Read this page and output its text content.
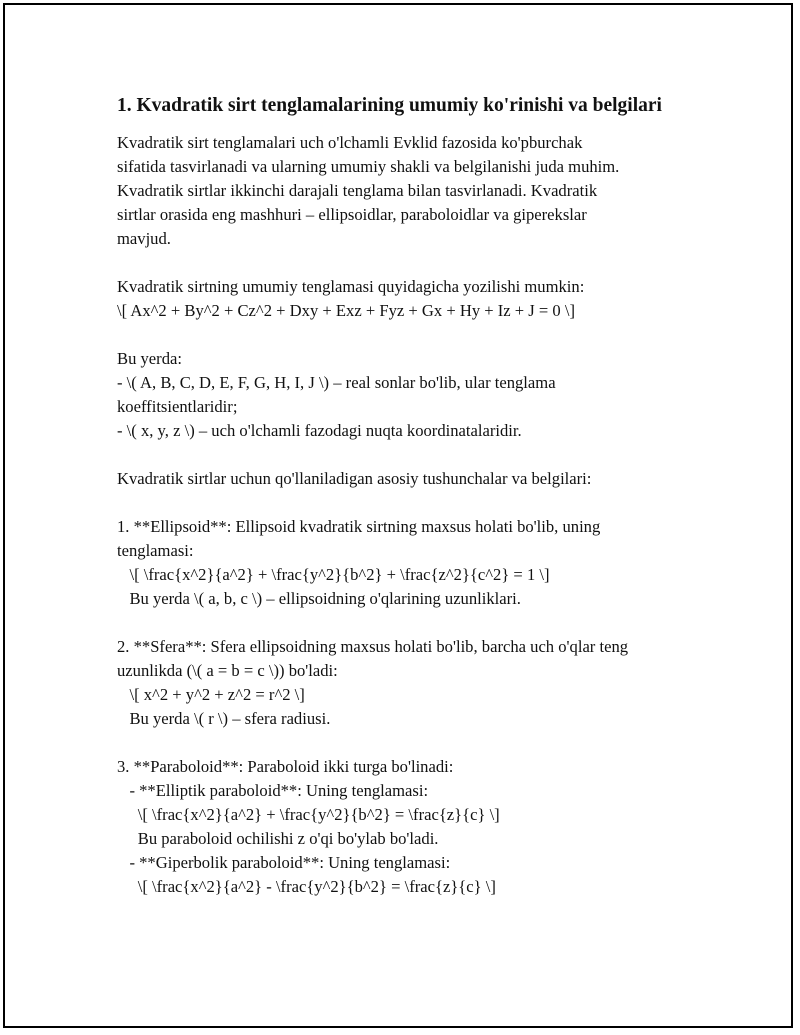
1. Kvadratik sirt tenglamalarining umumiy ko'rinishi va belgilari
Kvadratik sirt tenglamalari uch o'lchamli Evklid fazosida ko'pburchak
sifatida tasvirlanadi va ularning umumiy shakli va belgilanishi juda muhim.
Kvadratik sirtlar ikkinchi darajali tenglama bilan tasvirlanadi. Kvadratik
sirtlar orasida eng mashhuri – ellipsoidlar, paraboloidlar va giperekslar
mavjud.

Kvadratik sirtning umumiy tenglamasi quyidagicha yozilishi mumkin:
\[ Ax^2 + By^2 + Cz^2 + Dxy + Exz + Fyz + Gx + Hy + Iz + J = 0 \]

Bu yerda:
- \( A, B, C, D, E, F, G, H, I, J \) – real sonlar bo'lib, ular tenglama
koeffitsientlaridir;
- \( x, y, z \) – uch o'lchamli fazodagi nuqta koordinatalaridir.

Kvadratik sirtlar uchun qo'llaniladigan asosiy tushunchalar va belgilari:

1. **Ellipsoid**: Ellipsoid kvadratik sirtning maxsus holati bo'lib, uning
tenglamasi:
\[ \frac{x^2}{a^2} + \frac{y^2}{b^2} + \frac{z^2}{c^2} = 1 \]
Bu yerda \( a, b, c \) – ellipsoidning o'qlarining uzunliklari.

2. **Sfera**: Sfera ellipsoidning maxsus holati bo'lib, barcha uch o'qlar teng
uzunlikda (\( a = b = c \)) bo'ladi:
\[ x^2 + y^2 + z^2 = r^2 \]
Bu yerda \( r \) – sfera radiusi.

3. **Paraboloid**: Paraboloid ikki turga bo'linadi:
- **Elliptik paraboloid**: Uning tenglamasi:
\[ \frac{x^2}{a^2} + \frac{y^2}{b^2} = \frac{z}{c} \]
Bu paraboloid ochilishi z o'qi bo'ylab bo'ladi.
- **Giperbolik paraboloid**: Uning tenglamasi:
\[ \frac{x^2}{a^2} - \frac{y^2}{b^2} = \frac{z}{c} \]
